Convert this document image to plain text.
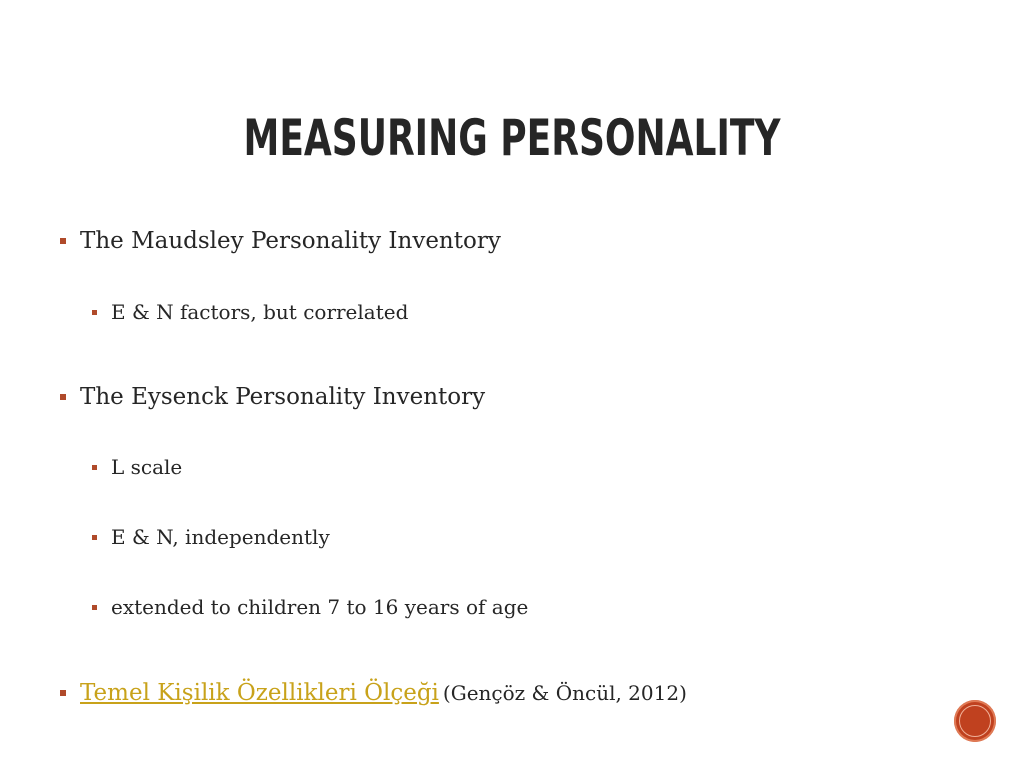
MEASURING PERSONALITY
The Maudsley Personality Inventory
E & N factors, but correlated
The Eysenck Personality Inventory
L scale
E & N, independently
extended to children 7 to 16 years of age
Temel Kişilik Özellikleri Ölçeği (Gençöz & Öncül, 2012)
